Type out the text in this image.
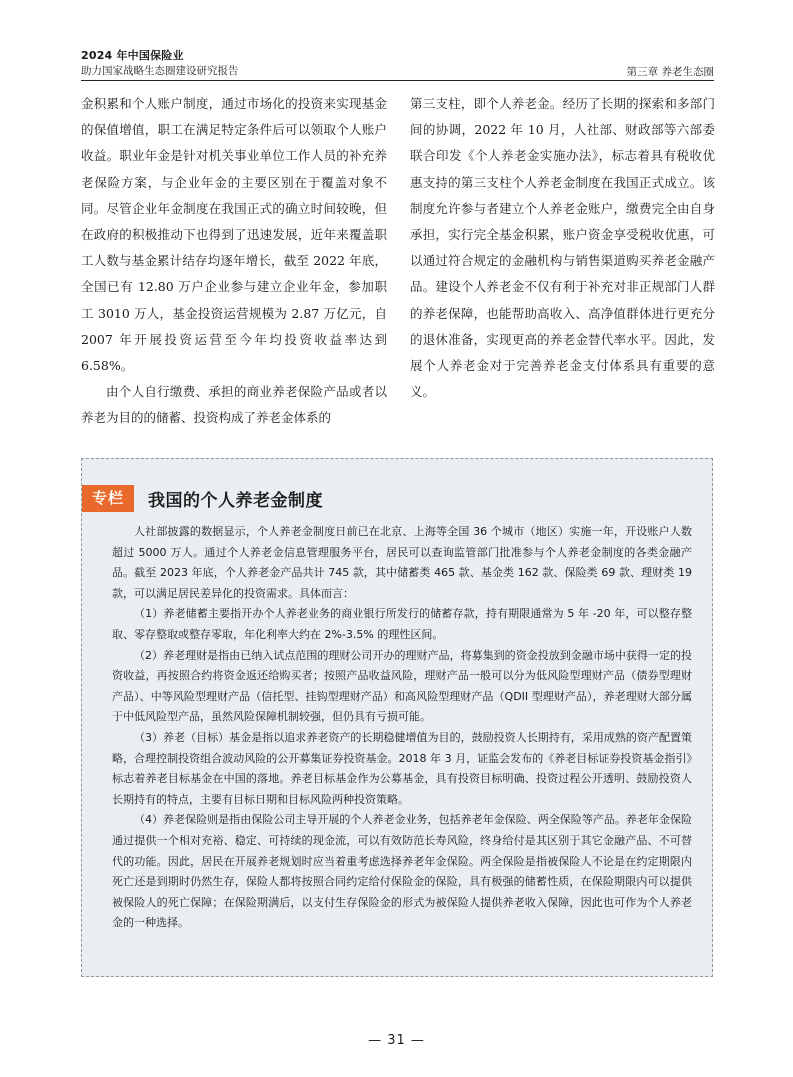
2024 年中国保险业
助力国家战略生态圈建设研究报告	第三章 养老生态圈

金积累和个人账户制度，通过市场化的投资来实现基金的保值增值，职工在满足特定条件后可以领取个人账户收益。职业年金是针对机关事业单位工作人员的补充养老保险方案，与企业年金的主要区别在于覆盖对象不同。尽管企业年金制度在我国正式的确立时间较晚，但在政府的积极推动下也得到了迅速发展，近年来覆盖职工人数与基金累计结存均逐年增长，截至 2022 年底，全国已有 12.80 万户企业参与建立企业年金，参加职工 3010 万人，基金投资运营规模为 2.87 万亿元，自 2007 年开展投资运营至今年均投资收益率达到 6.58%。

由个人自行缴费、承担的商业养老保险产品或者以养老为目的的储蓄、投资构成了养老金体系的

第三支柱，即个人养老金。经历了长期的探索和多部门间的协调，2022 年 10 月，人社部、财政部等六部委联合印发《个人养老金实施办法》，标志着具有税收优惠支持的第三支柱个人养老金制度在我国正式成立。该制度允许参与者建立个人养老金账户，缴费完全由自身承担，实行完全基金积累，账户资金享受税收优惠，可以通过符合规定的金融机构与销售渠道购买养老金融产品。建设个人养老金不仅有利于补充对非正规部门人群的养老保障，也能帮助高收入、高净值群体进行更充分的退休准备，实现更高的养老金替代率水平。因此，发展个人养老金对于完善养老金支付体系具有重要的意义。

专栏	我国的个人养老金制度

人社部披露的数据显示，个人养老金制度日前已在北京、上海等全国 36 个城市（地区）实施一年，开设账户人数超过 5000 万人。通过个人养老金信息管理服务平台，居民可以查询监管部门批准参与个人养老金制度的各类金融产品。截至 2023 年底，个人养老金产品共计 745 款，其中储蓄类 465 款、基金类 162 款、保险类 69 款、理财类 19 款，可以满足居民差异化的投资需求。具体而言：

（1）养老储蓄主要指开办个人养老业务的商业银行所发行的储蓄存款，持有期限通常为 5 年 -20 年，可以整存整取、零存整取或整存零取，年化利率大约在 2%-3.5% 的理性区间。

（2）养老理财是指由已纳入试点范围的理财公司开办的理财产品，将募集到的资金投放到金融市场中获得一定的投资收益，再按照合约将资金返还给购买者；按照产品收益风险，理财产品一般可以分为低风险型理财产品（债券型理财产品）、中等风险型理财产品（信托型、挂钩型理财产品）和高风险型理财产品（QDII 型理财产品），养老理财大部分属于中低风险型产品，虽然风险保障机制较强，但仍具有亏损可能。

（3）养老（目标）基金是指以追求养老资产的长期稳健增值为目的，鼓励投资人长期持有，采用成熟的资产配置策略，合理控制投资组合波动风险的公开募集证券投资基金。2018 年 3 月，证监会发布的《养老目标证券投资基金指引》标志着养老目标基金在中国的落地。养老目标基金作为公募基金，具有投资目标明确、投资过程公开透明、鼓励投资人长期持有的特点，主要有目标日期和目标风险两种投资策略。

（4）养老保险则是指由保险公司主导开展的个人养老金业务，包括养老年金保险、两全保险等产品。养老年金保险通过提供一个相对充裕、稳定、可持续的现金流，可以有效防范长寿风险，终身给付是其区别于其它金融产品、不可替代的功能。因此，居民在开展养老规划时应当着重考虑选择养老年金保险。两全保险是指被保险人不论是在约定期限内死亡还是到期时仍然生存，保险人都将按照合同约定给付保险金的保险，具有极强的储蓄性质，在保险期限内可以提供被保险人的死亡保障；在保险期满后，以支付生存保险金的形式为被保险人提供养老收入保障，因此也可作为个人养老金的一种选择。

— 31 —
